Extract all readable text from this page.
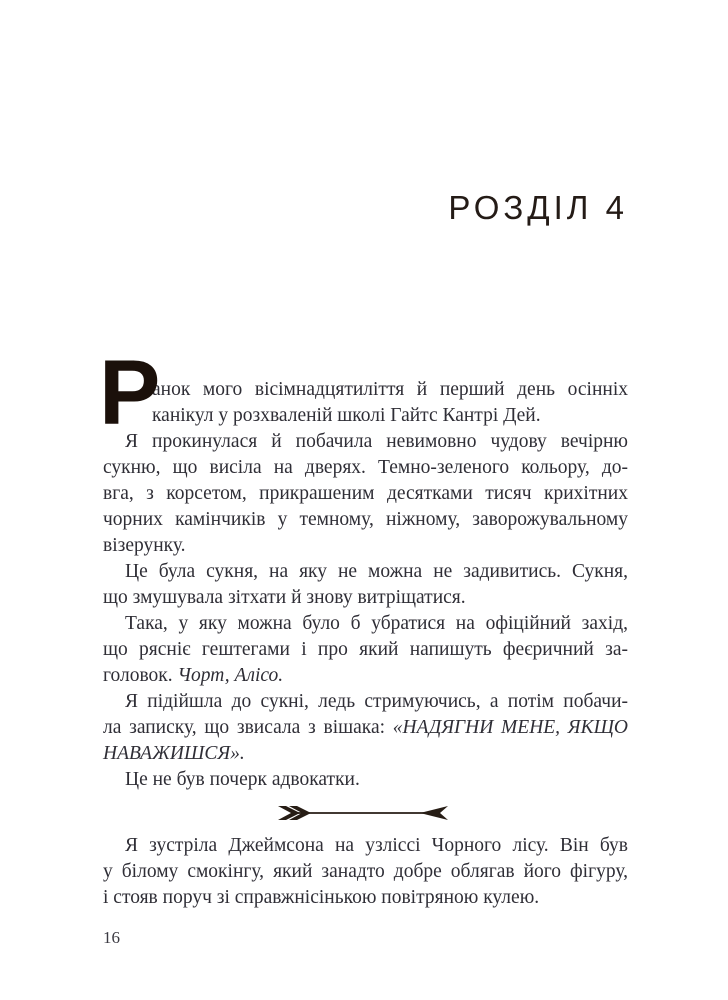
РОЗДІЛ 4
Р
анок мого вісімнадцятиліття й перший день осінніх
канікул у розхваленій школі Гайтс Кантрі Дей.
Я прокинулася й побачила невимовно чудову вечірню
сукню, що висіла на дверях. Темно-зеленого кольору, до-
вга, з корсетом, прикрашеним десятками тисяч крихітних
чорних камінчиків у темному, ніжному, заворожувальному
візерунку.
Це була сукня, на яку не можна не задивитись. Сукня,
що змушувала зітхати й знову витріщатися.
Така, у яку можна було б убратися на офіційний захід,
що рясніє гештегами і про який напишуть феєричний за-
головок. Чорт, Алісо.
Я підійшла до сукні, ледь стримуючись, а потім побачи-
ла записку, що звисала з вішака: «НАДЯГНИ МЕНЕ, ЯКЩО
НАВАЖИШСЯ».
Це не був почерк адвокатки.
Я зустріла Джеймсона на узліссі Чорного лісу. Він був
у білому смокінгу, який занадто добре облягав його фігуру,
і стояв поруч зі справжнісінькою повітряною кулею.
16
